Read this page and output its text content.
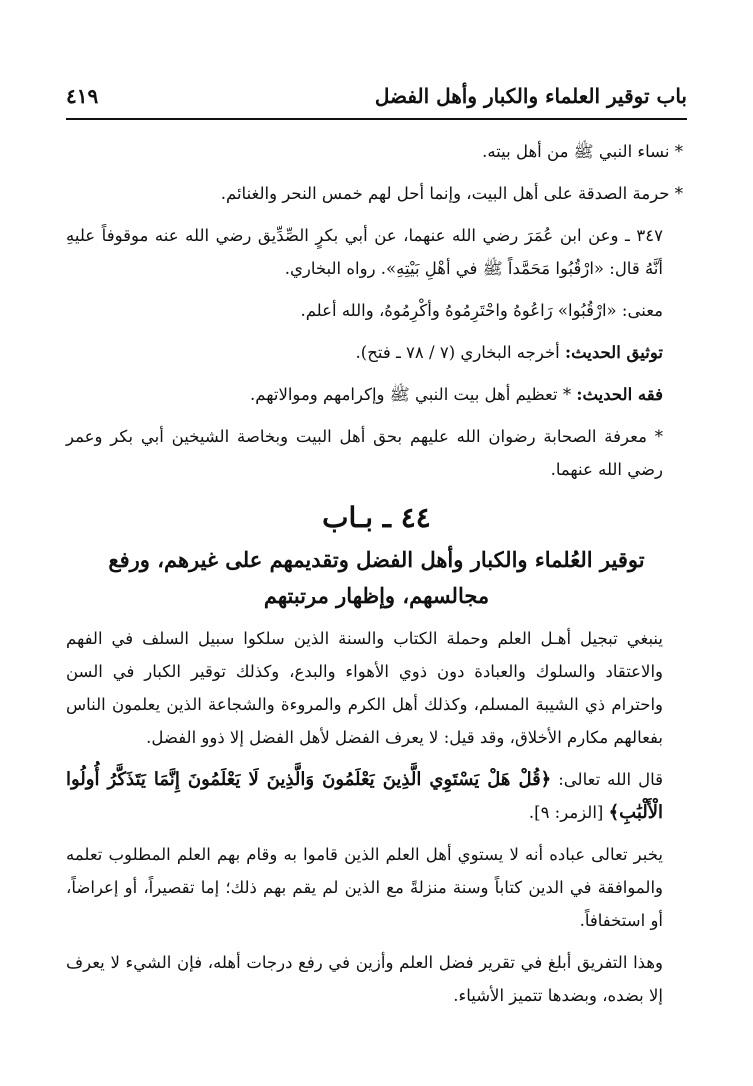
باب توقير العلماء والكبار وأهل الفضل
٤١٩

* نساء النبي ﷺ من أهل بيته.

* حرمة الصدقة على أهل البيت، وإنما أحل لهم خمس النحر والغنائم.

٣٤٧ ـ وعن ابن عُمَرَ رضي الله عنهما، عن أبي بكرٍ الصِّدِّيق رضي الله عنه موقوفاً عليهِ أنَّهُ قال: «ارْقُبُوا مَحَمَّداً ﷺ في أهْلِ بَيْتِهِ». رواه البخاري.

معنى: «ارْقُبُوا» رَاعُوهُ واحْتَرِمُوهُ وأكْرِمُوهُ، والله أعلم.

توثيق الحديث: أخرجه البخاري (٧ / ٧٨ ـ فتح).

فقه الحديث: * تعظيم أهل بيت النبي ﷺ وإكرامهم وموالاتهم.

* معرفة الصحابة رضوان الله عليهم بحق أهل البيت وبخاصة الشيخين أبي بكر وعمر رضي الله عنهما.

٤٤ ـ بـاب
توقير العُلماء والكبار وأهل الفضل وتقديمهم على غيرهم، ورفع مجالسهم، وإظهار مرتبتهم

ينبغي تبجيل أهـل العلم وحملة الكتاب والسنة الذين سلكوا سبيل السلف في الفهم والاعتقاد والسلوك والعبادة دون ذوي الأهواء والبدع، وكذلك توقير الكبار في السن واحترام ذي الشيبة المسلم، وكذلك أهل الكرم والمروءة والشجاعة الذين يعلمون الناس بفعالهم مكارم الأخلاق، وقد قيل: لا يعرف الفضل لأهل الفضل إلا ذوو الفضل.

قال الله تعالى: ﴿قُلْ هَلْ يَسْتَوِي الَّذِينَ يَعْلَمُونَ وَالَّذِينَ لَا يَعْلَمُونَ إِنَّمَا يَتَذَكَّرُ أُولُوا الْأَلْبَٰبِ﴾ [الزمر: ٩].

يخبر تعالى عباده أنه لا يستوي أهل العلم الذين قاموا به وقام بهم العلم المطلوب تعلمه والموافقة في الدين كتاباً وسنة منزلةً مع الذين لم يقم بهم ذلك؛ إما تقصيراً، أو إعراضاً، أو استخفافاً.

وهذا التفريق أبلغ في تقرير فضل العلم وأزين في رفع درجات أهله، فإن الشيء لا يعرف إلا بضده، وبضدها تتميز الأشياء.
